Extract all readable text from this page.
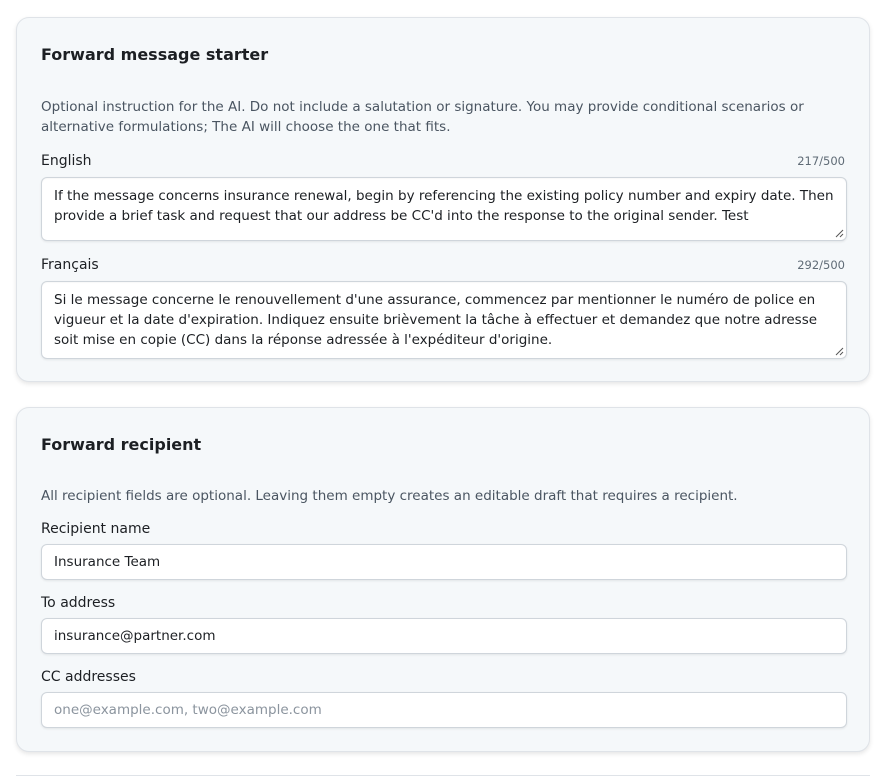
Forward message starter
Optional instruction for the AI. Do not include a salutation or signature. You may provide conditional scenarios or alternative formulations; The AI will choose the one that fits.
English	217/500
If the message concerns insurance renewal, begin by referencing the existing policy number and expiry date. Then provide a brief task and request that our address be CC'd into the response to the original sender. Test
Français	292/500
Si le message concerne le renouvellement d'une assurance, commencez par mentionner le numéro de police en vigueur et la date d'expiration. Indiquez ensuite brièvement la tâche à effectuer et demandez que notre adresse soit mise en copie (CC) dans la réponse adressée à l'expéditeur d'origine.
Forward recipient
All recipient fields are optional. Leaving them empty creates an editable draft that requires a recipient.
Recipient name
Insurance Team
To address
insurance@partner.com
CC addresses
one@example.com, two@example.com
